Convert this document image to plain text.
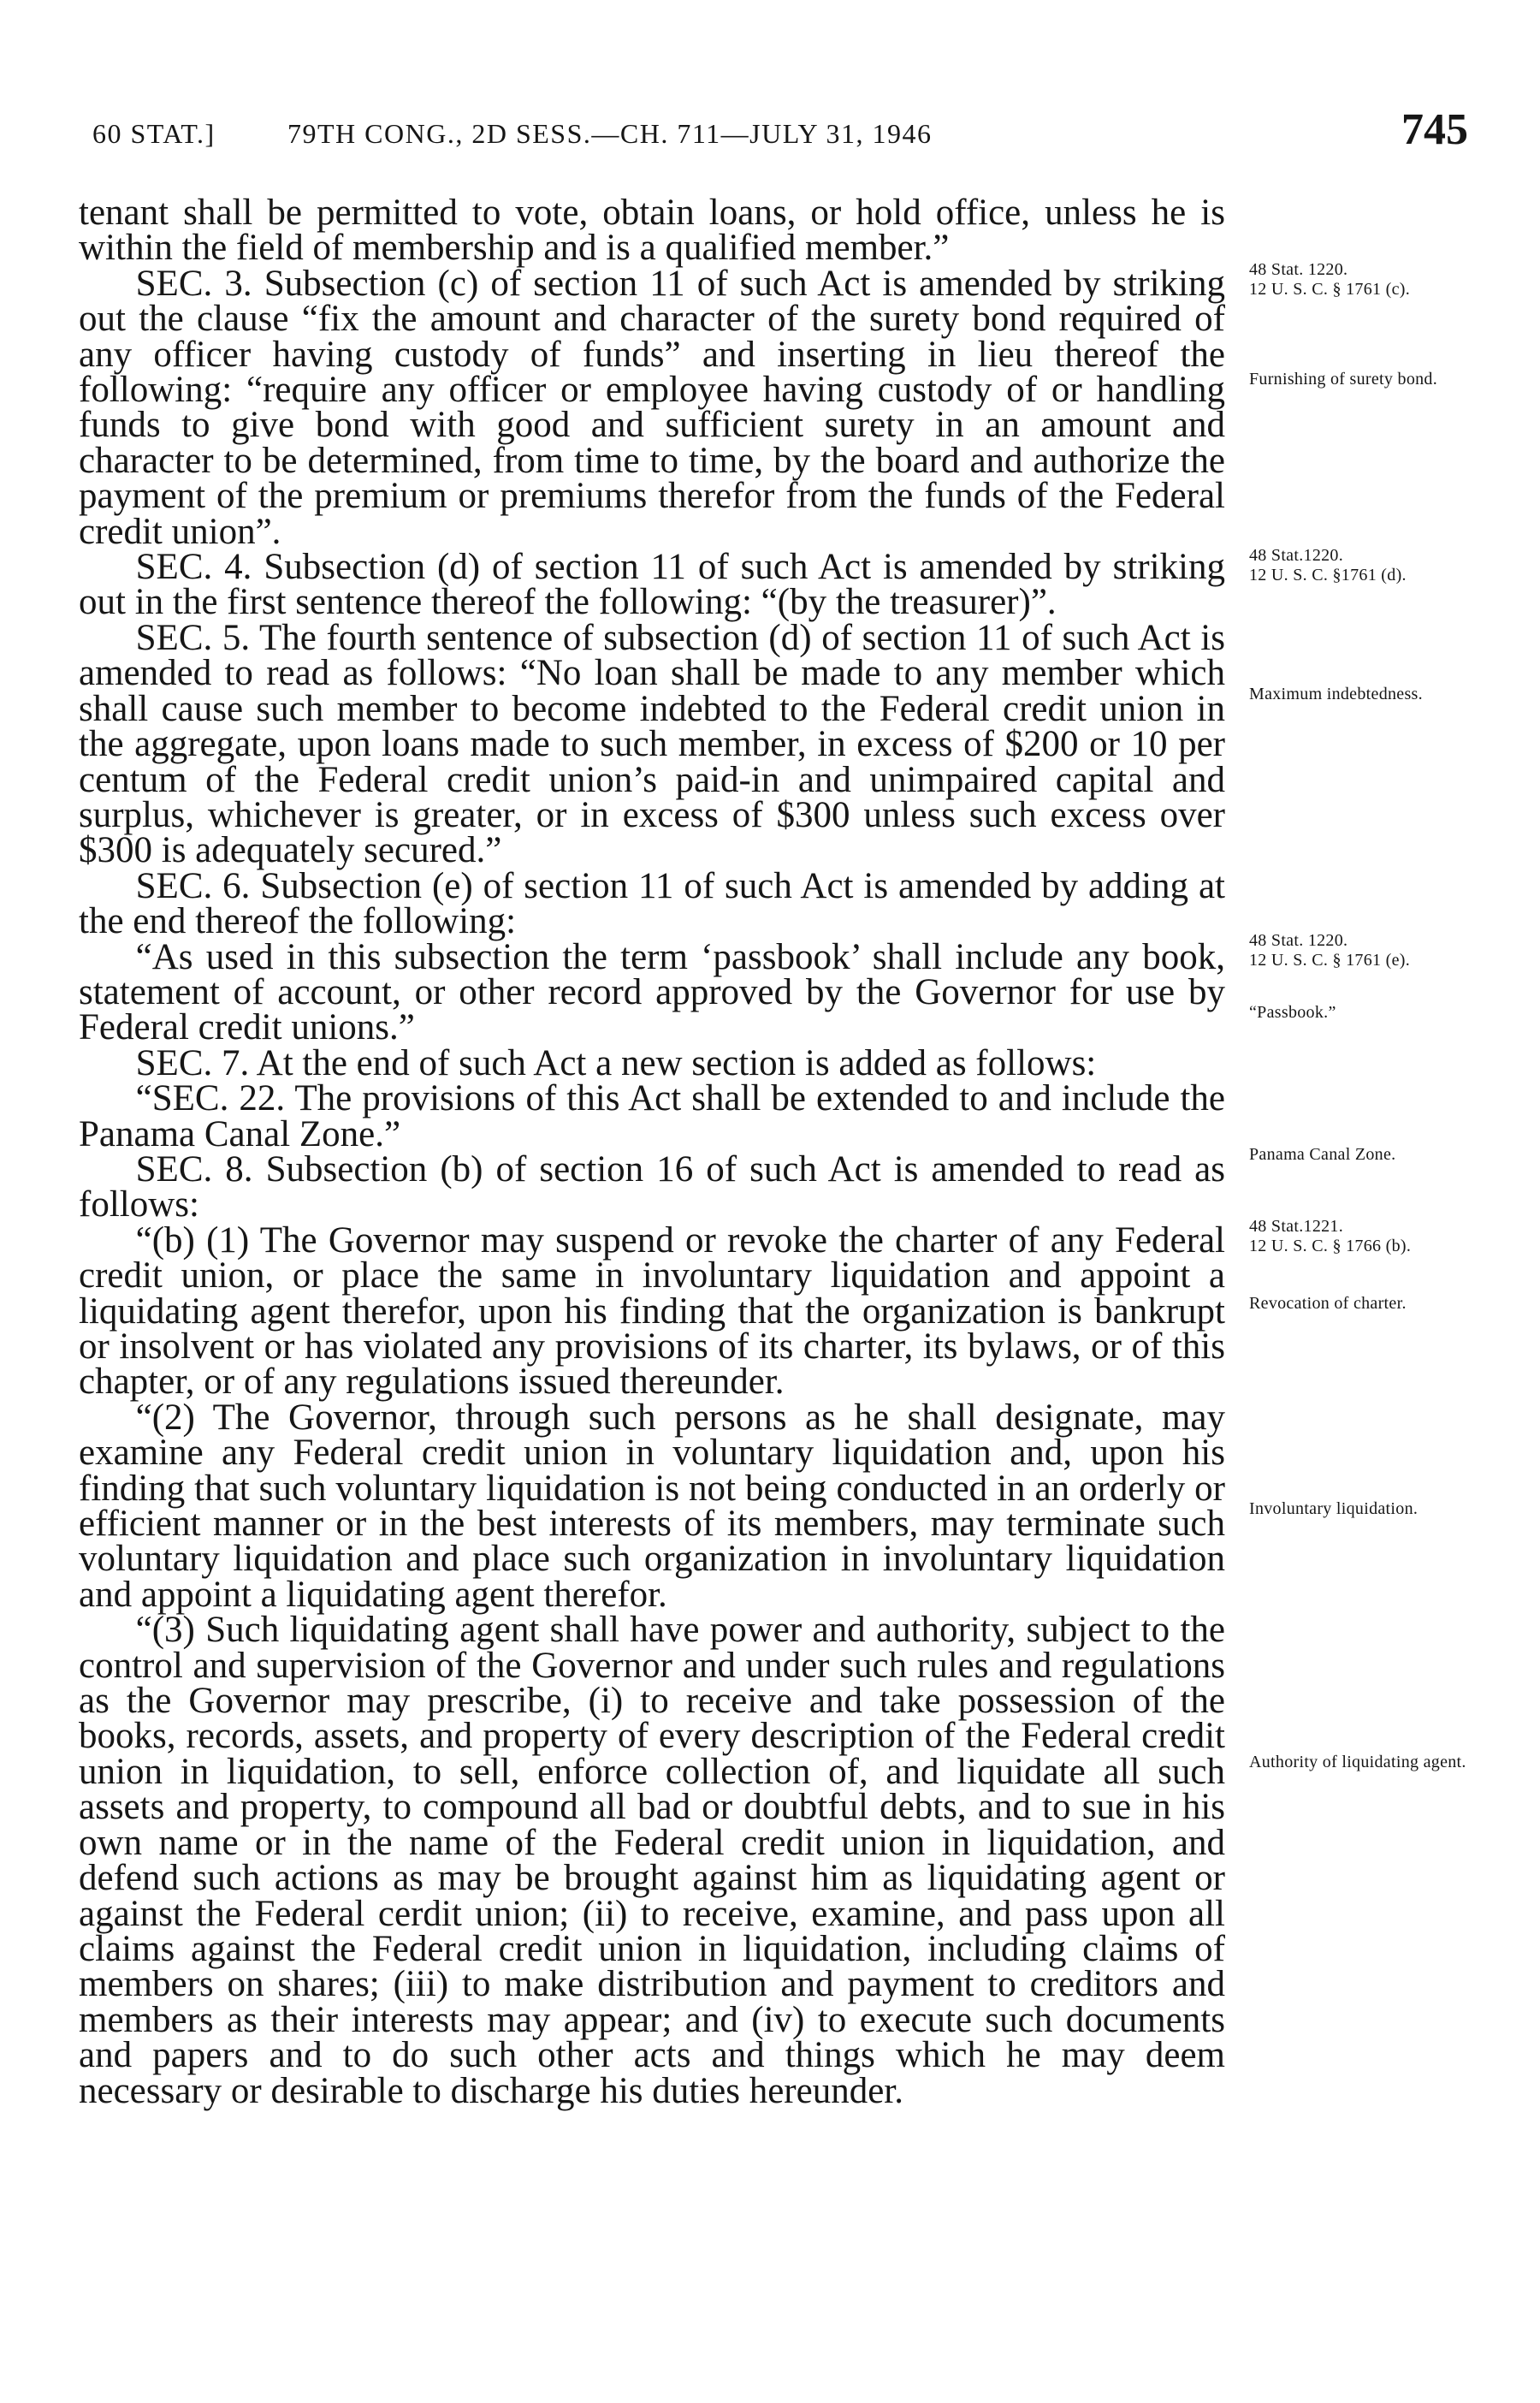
60 STAT.]	79TH CONG., 2D SESS.—CH. 711—JULY 31, 1946	745

tenant shall be permitted to vote, obtain loans, or hold office, unless he is within the field of membership and is a qualified member.”

SEC. 3. Subsection (c) of section 11 of such Act is amended by striking out the clause “fix the amount and character of the surety bond required of any officer having custody of funds” and inserting in lieu thereof the following: “require any officer or employee having custody of or handling funds to give bond with good and sufficient surety in an amount and character to be determined, from time to time, by the board and authorize the payment of the premium or premiums therefor from the funds of the Federal credit union”.

SEC. 4. Subsection (d) of section 11 of such Act is amended by striking out in the first sentence thereof the following: “(by the treasurer)”.

SEC. 5. The fourth sentence of subsection (d) of section 11 of such Act is amended to read as follows: “No loan shall be made to any member which shall cause such member to become indebted to the Federal credit union in the aggregate, upon loans made to such member, in excess of $200 or 10 per centum of the Federal credit union’s paid-in and unimpaired capital and surplus, whichever is greater, or in excess of $300 unless such excess over $300 is adequately secured.”

SEC. 6. Subsection (e) of section 11 of such Act is amended by adding at the end thereof the following:

“As used in this subsection the term ‘passbook’ shall include any book, statement of account, or other record approved by the Governor for use by Federal credit unions.”

SEC. 7. At the end of such Act a new section is added as follows:

“SEC. 22. The provisions of this Act shall be extended to and include the Panama Canal Zone.”

SEC. 8. Subsection (b) of section 16 of such Act is amended to read as follows:

“(b) (1) The Governor may suspend or revoke the charter of any Federal credit union, or place the same in involuntary liquidation and appoint a liquidating agent therefor, upon his finding that the organization is bankrupt or insolvent or has violated any provisions of its charter, its bylaws, or of this chapter, or of any regulations issued thereunder.

“(2) The Governor, through such persons as he shall designate, may examine any Federal credit union in voluntary liquidation and, upon his finding that such voluntary liquidation is not being conducted in an orderly or efficient manner or in the best interests of its members, may terminate such voluntary liquidation and place such organization in involuntary liquidation and appoint a liquidating agent therefor.

“(3) Such liquidating agent shall have power and authority, subject to the control and supervision of the Governor and under such rules and regulations as the Governor may prescribe, (i) to receive and take possession of the books, records, assets, and property of every description of the Federal credit union in liquidation, to sell, enforce collection of, and liquidate all such assets and property, to compound all bad or doubtful debts, and to sue in his own name or in the name of the Federal credit union in liquidation, and defend such actions as may be brought against him as liquidating agent or against the Federal cerdit union; (ii) to receive, examine, and pass upon all claims against the Federal credit union in liquidation, including claims of members on shares; (iii) to make distribution and payment to creditors and members as their interests may appear; and (iv) to execute such documents and papers and to do such other acts and things which he may deem necessary or desirable to discharge his duties hereunder.

48 Stat. 1220.
12 U. S. C. § 1761 (c).
Furnishing of surety bond.
48 Stat.1220.
12 U. S. C. §1761 (d).
Maximum indebtedness.
48 Stat. 1220.
12 U. S. C. § 1761 (e).
“Passbook.”
Panama Canal Zone.
48 Stat.1221.
12 U. S. C. § 1766 (b).
Revocation of charter.
Involuntary liquidation.
Authority of liquidating agent.
